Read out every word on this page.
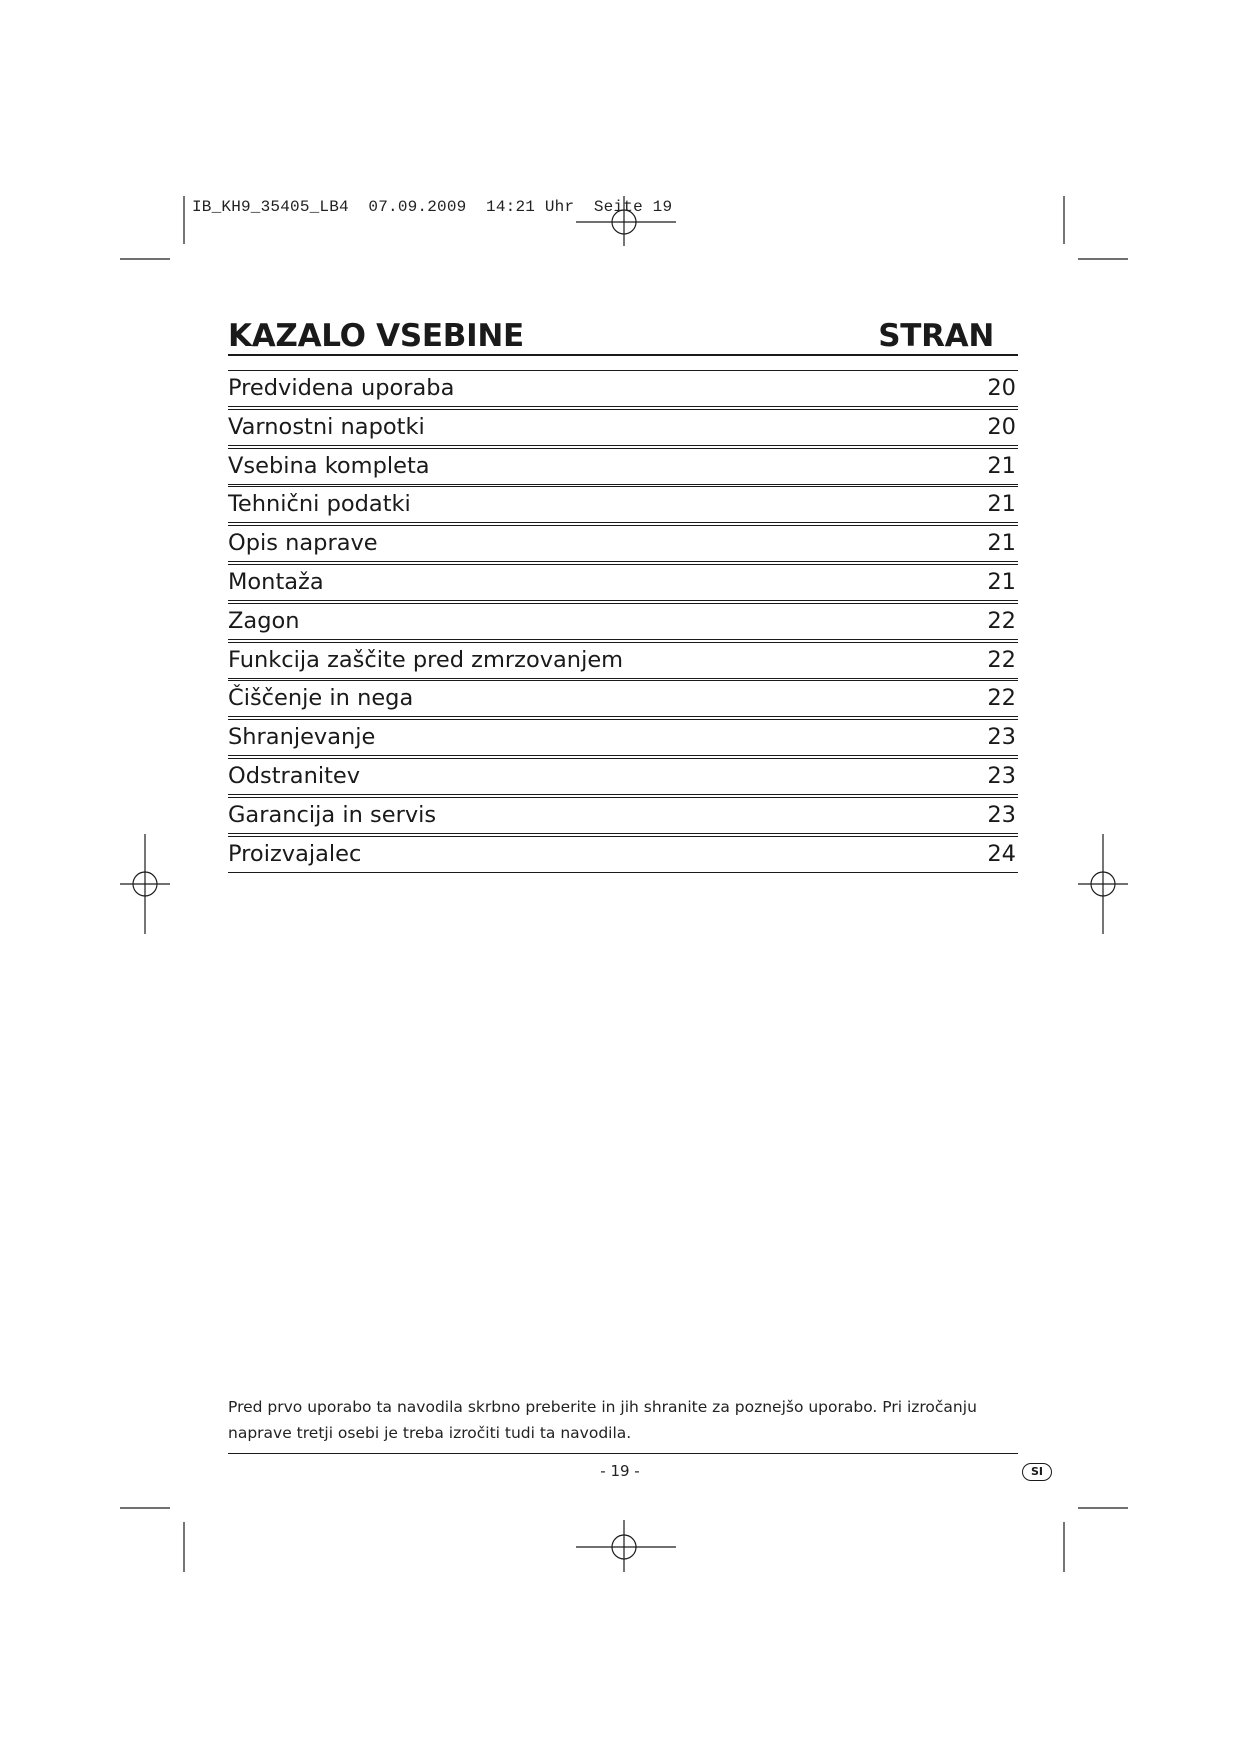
IB_KH9_35405_LB4  07.09.2009  14:21 Uhr  Seite 19
KAZALO VSEBINE	STRAN
Predvidena uporaba	20
Varnostni napotki	20
Vsebina kompleta	21
Tehnični podatki	21
Opis naprave	21
Montaža	21
Zagon	22
Funkcija zaščite pred zmrzovanjem	22
Čiščenje in nega	22
Shranjevanje	23
Odstranitev	23
Garancija in servis	23
Proizvajalec	24
Pred prvo uporabo ta navodila skrbno preberite in jih shranite za poznejšo uporabo. Pri izročanju naprave tretji osebi je treba izročiti tudi ta navodila.
- 19 -	SI
